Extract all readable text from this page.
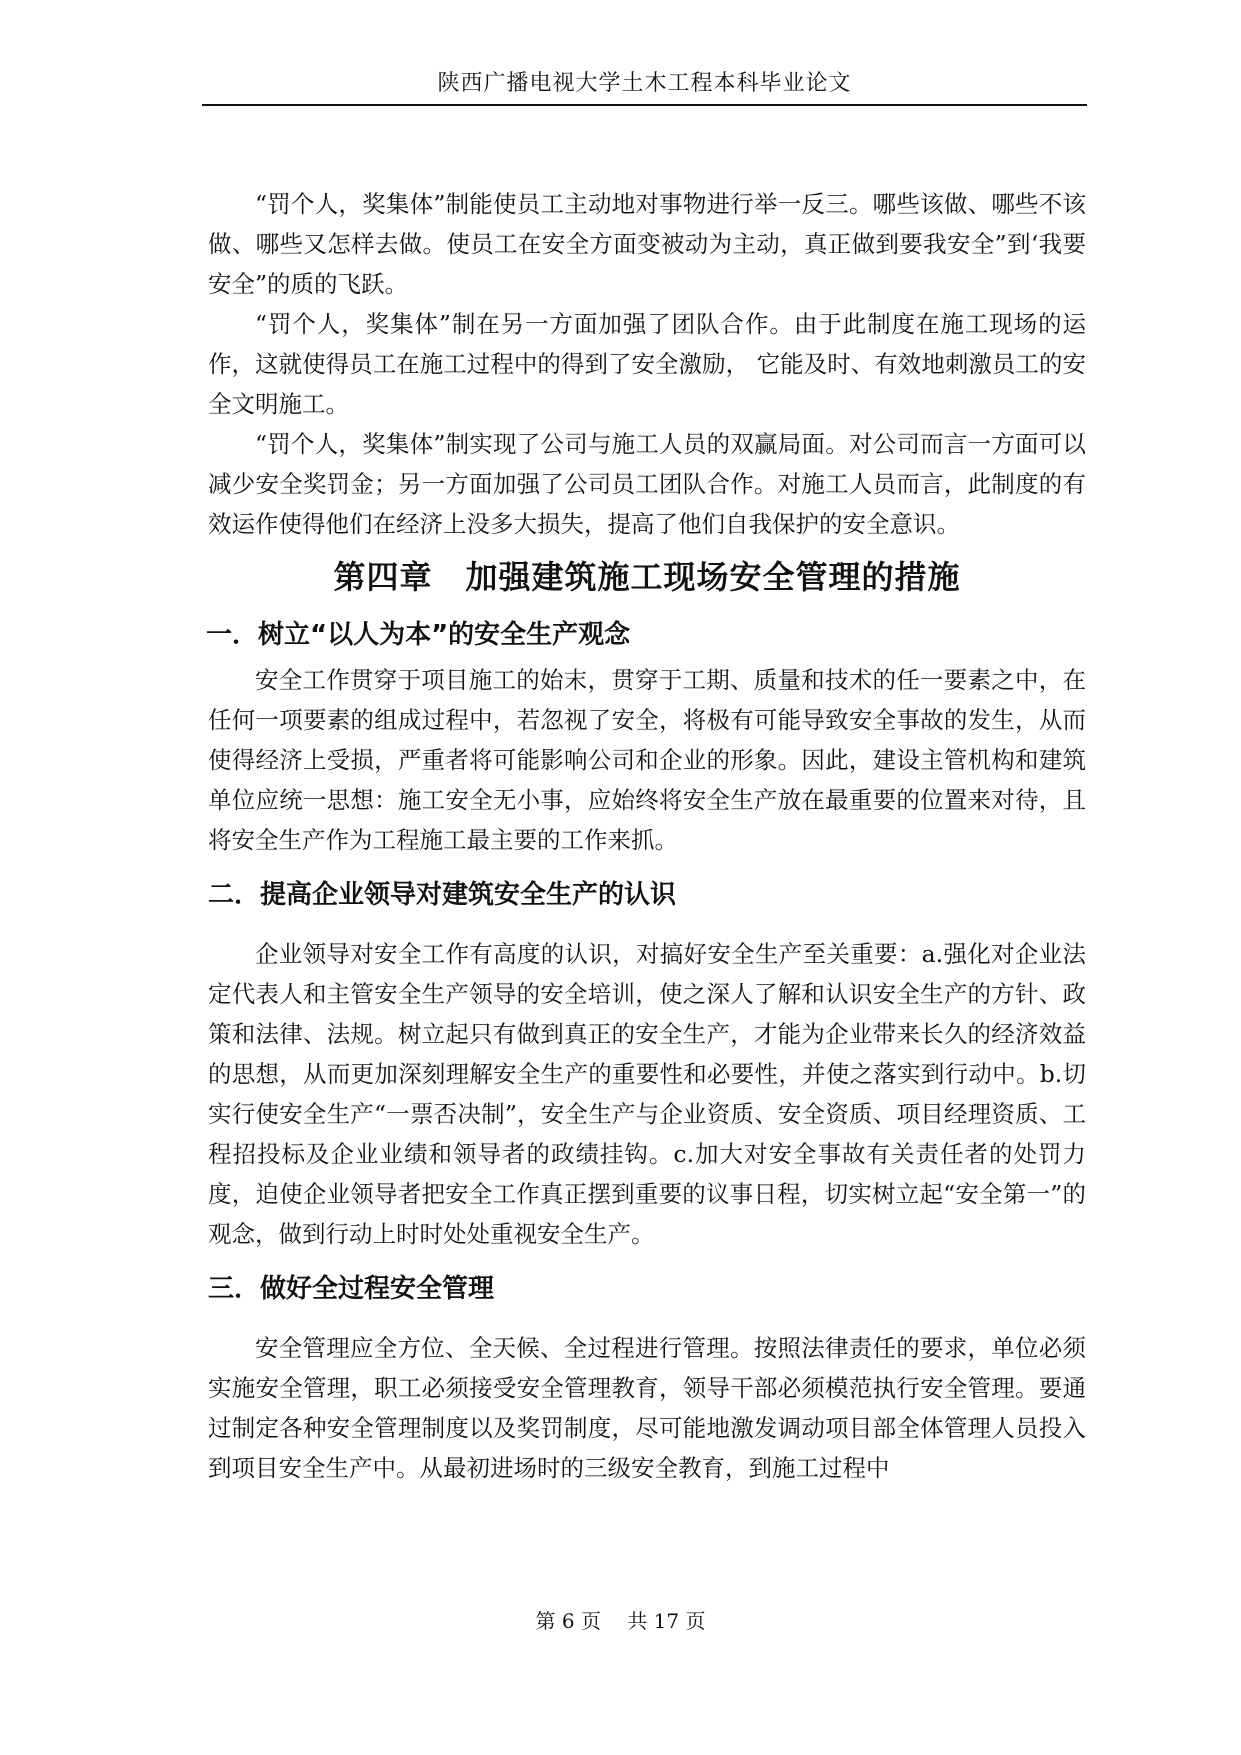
陕西广播电视大学土木工程本科毕业论文

“罚个人，奖集体”制能使员工主动地对事物进行举一反三。哪些该做、哪些不该做、哪些又怎样去做。使员工在安全方面变被动为主动，真正做到要我安全”到‘我要安全”的质的飞跃。

“罚个人，奖集体”制在另一方面加强了团队合作。由于此制度在施工现场的运作，这就使得员工在施工过程中的得到了安全激励， 它能及时、有效地刺激员工的安全文明施工。

“罚个人，奖集体”制实现了公司与施工人员的双赢局面。对公司而言一方面可以减少安全奖罚金；另一方面加强了公司员工团队合作。对施工人员而言，此制度的有效运作使得他们在经济上没多大损失，提高了他们自我保护的安全意识。

第四章　加强建筑施工现场安全管理的措施
一．树立“以人为本”的安全生产观念

安全工作贯穿于项目施工的始末，贯穿于工期、质量和技术的任一要素之中，在任何一项要素的组成过程中，若忽视了安全，将极有可能导致安全事故的发生，从而使得经济上受损，严重者将可能影响公司和企业的形象。因此，建设主管机构和建筑单位应统一思想：施工安全无小事，应始终将安全生产放在最重要的位置来对待，且将安全生产作为工程施工最主要的工作来抓。

二．提高企业领导对建筑安全生产的认识

企业领导对安全工作有高度的认识，对搞好安全生产至关重要：a.强化对企业法定代表人和主管安全生产领导的安全培训，使之深人了解和认识安全生产的方针、政策和法律、法规。树立起只有做到真正的安全生产，才能为企业带来长久的经济效益的思想，从而更加深刻理解安全生产的重要性和必要性，并使之落实到行动中。b.切实行使安全生产“一票否决制”，安全生产与企业资质、安全资质、项目经理资质、工程招投标及企业业绩和领导者的政绩挂钩。c.加大对安全事故有关责任者的处罚力度，迫使企业领导者把安全工作真正摆到重要的议事日程，切实树立起“安全第一”的观念，做到行动上时时处处重视安全生产。

三．做好全过程安全管理

安全管理应全方位、全天候、全过程进行管理。按照法律责任的要求，单位必须实施安全管理，职工必须接受安全管理教育，领导干部必须模范执行安全管理。要通过制定各种安全管理制度以及奖罚制度，尽可能地激发调动项目部全体管理人员投入到项目安全生产中。从最初进场时的三级安全教育，到施工过程中

第 6 页　 共 17 页
